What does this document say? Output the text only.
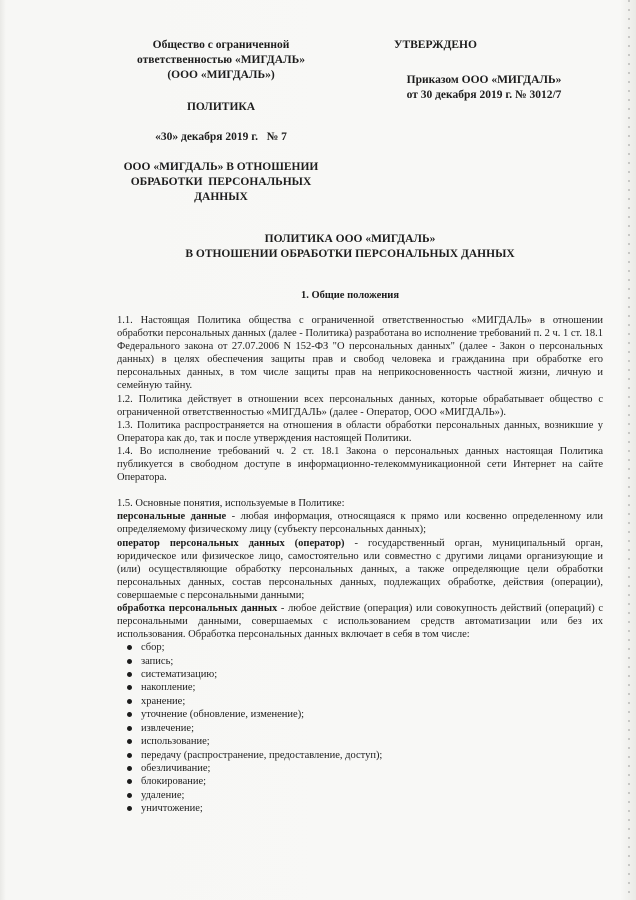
Общество с ограниченной
ответственностью «МИГДАЛЬ»
(ООО «МИГДАЛЬ»)
ПОЛИТИКА
«30» декабря 2019 г.   № 7
ООО «МИГДАЛЬ» В ОТНОШЕНИИ
ОБРАБОТКИ  ПЕРСОНАЛЬНЫХ
ДАННЫХ
УТВЕРЖДЕНО
Приказом ООО «МИГДАЛЬ»
от 30 декабря 2019 г. № 3012/7
ПОЛИТИКА ООО «МИГДАЛЬ»
В ОТНОШЕНИИ ОБРАБОТКИ ПЕРСОНАЛЬНЫХ ДАННЫХ
1. Общие положения

1.1. Настоящая Политика общества с ограниченной ответственностью «МИГДАЛЬ» в отношении обработки персональных данных (далее - Политика) разработана во исполнение требований п. 2 ч. 1 ст. 18.1 Федерального закона от 27.07.2006 N 152-ФЗ "О персональных данных" (далее - Закон о персональных данных) в целях обеспечения защиты прав и свобод человека и гражданина при обработке его персональных данных, в том числе защиты прав на неприкосновенность частной жизни, личную и семейную тайну.

1.2. Политика действует в отношении всех персональных данных, которые обрабатывает общество с ограниченной ответственностью «МИГДАЛЬ» (далее - Оператор, ООО «МИГДАЛЬ»).

1.3. Политика распространяется на отношения в области обработки персональных данных, возникшие у Оператора как до, так и после утверждения настоящей Политики.

1.4. Во исполнение требований ч. 2 ст. 18.1 Закона о персональных данных настоящая Политика публикуется в свободном доступе в информационно-телекоммуникационной сети Интернет на сайте Оператора.

1.5. Основные понятия, используемые в Политике:

персональные данные - любая информация, относящаяся к прямо или косвенно определенному или определяемому физическому лицу (субъекту персональных данных);

оператор персональных данных (оператор) - государственный орган, муниципальный орган, юридическое или физическое лицо, самостоятельно или совместно с другими лицами организующие и (или) осуществляющие обработку персональных данных, а также определяющие цели обработки персональных данных, состав персональных данных, подлежащих обработке, действия (операции), совершаемые с персональными данными;

обработка персональных данных - любое действие (операция) или совокупность действий (операций) с персональными данными, совершаемых с использованием средств автоматизации или без их использования. Обработка персональных данных включает в себя в том числе:

сбор;
запись;
систематизацию;
накопление;
хранение;
уточнение (обновление, изменение);
извлечение;
использование;
передачу (распространение, предоставление, доступ);
обезличивание;
блокирование;
удаление;
уничтожение;
